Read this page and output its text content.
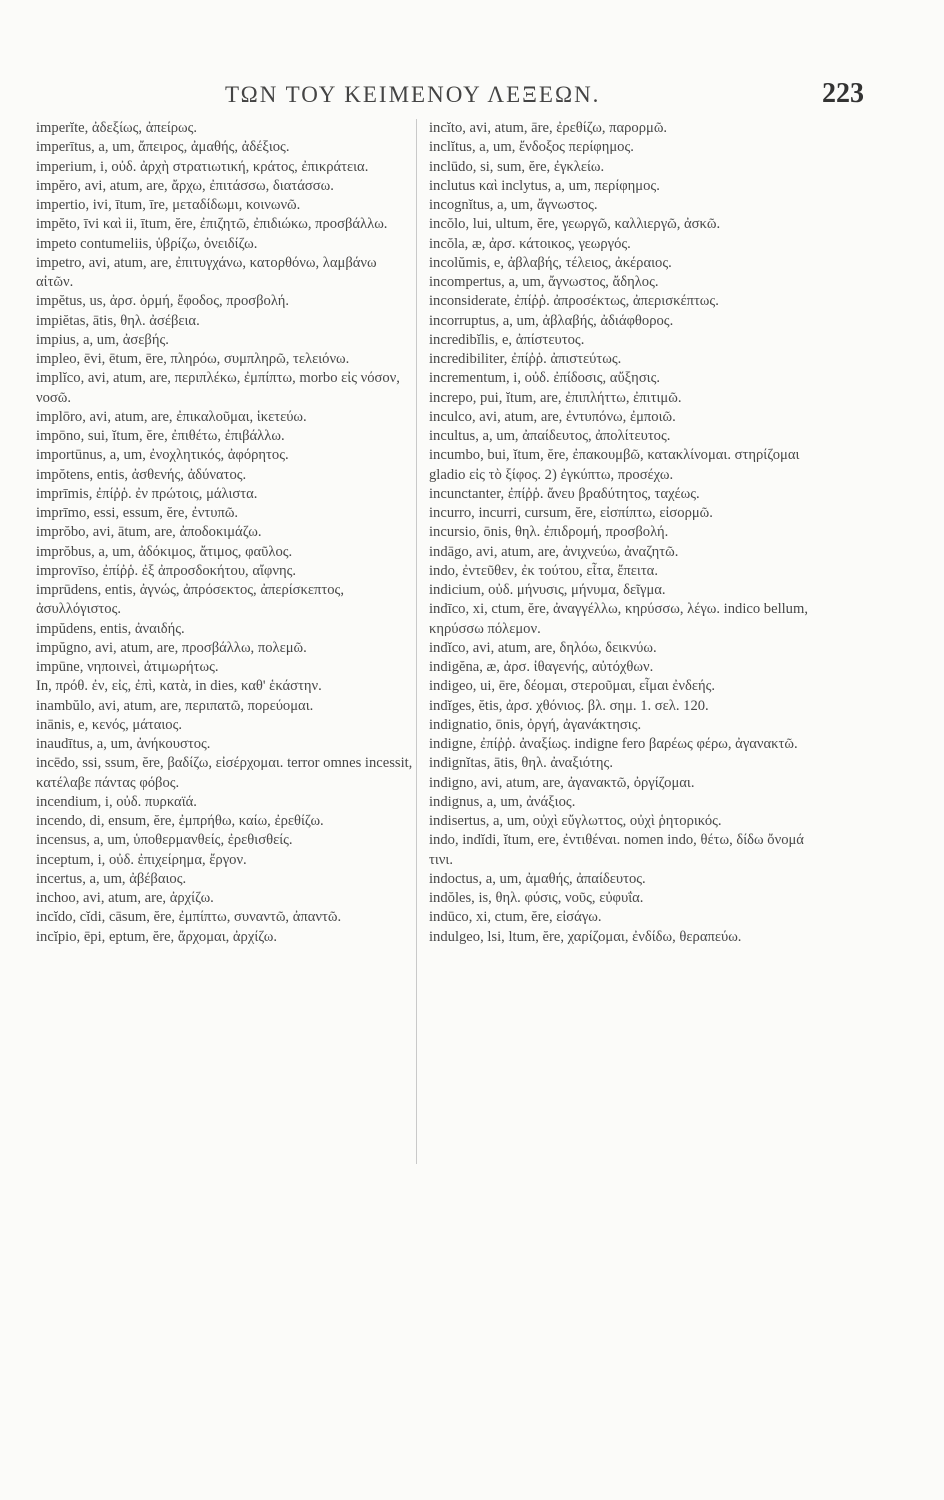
ΤΩΝ ΤΟΥ ΚΕΙΜΕΝΟΥ ΛΕΞΕΩΝ.	223

imperĭte, ἀδεξίως, ἀπείρως.

imperītus, a, um, ἄπειρος, ἀμαθής, ἀδέξιος.

imperium, i, οὐδ. ἀρχὴ στρατιωτική, κράτος, ἐπικράτεια.

impĕro, avi, atum, are, ἄρχω, ἐπιτάσσω, διατάσσω.

impertio, ivi, ītum, īre, μεταδίδωμι, κοινωνῶ.

impĕto, īvi καὶ ii, ītum, ĕre, ἐπιζητῶ, ἐπιδιώκω, προσβάλλω. impeto contumeliis, ὑβρίζω, ὀνειδίζω.

impetro, avi, atum, are, ἐπιτυγχάνω, κατορθόνω, λαμβάνω αἰτῶν.

impĕtus, us, ἀρσ. ὁρμή, ἔφοδος, προσβολή.

impiĕtas, ātis, θηλ. ἀσέβεια.

impius, a, um, ἀσεβής.

impleo, ēvi, ētum, ēre, πληρόω, συμπληρῶ, τελειόνω.

implĭco, avi, atum, are, περιπλέκω, ἐμπίπτω, morbo εἰς νόσον, νοσῶ.

implōro, avi, atum, are, ἐπικαλοῦμαι, ἱκετεύω.

impōno, sui, ĭtum, ĕre, ἐπιθέτω, ἐπιβάλλω.

importūnus, a, um, ἐνοχλητικός, ἀφόρητος.

impŏtens, entis, ἀσθενής, ἀδύνατος.

imprīmis, ἐπίῤῥ. ἐν πρώτοις, μάλιστα.

imprīmo, essi, essum, ĕre, ἐντυπῶ.

imprŏbo, avi, ātum, are, ἀποδοκιμάζω.

imprŏbus, a, um, ἀδόκιμος, ἄτιμος, φαῦλος.

improvīso, ἐπίῤῥ. ἐξ ἀπροσδοκήτου, αἴφνης.

imprūdens, entis, ἀγνώς, ἀπρόσεκτος, ἀπερίσκεπτος, ἀσυλλόγιστος.

impŭdens, entis, ἀναιδής.

impŭgno, avi, atum, are, προσβάλλω, πολεμῶ.

impūne, νηποινεὶ, ἀτιμωρήτως.

In, πρόθ. ἐν, εἰς, ἐπὶ, κατὰ, in dies, καθ' ἑκάστην.

inambŭlo, avi, atum, are, περιπατῶ, πορεύομαι.

inānis, e, κενός, μάταιος.

inaudītus, a, um, ἀνήκουστος.

incēdo, ssi, ssum, ĕre, βαδίζω, εἰσέρχομαι. terror omnes incessit, κατέλαβε πάντας φόβος.

incendium, i, οὐδ. πυρκαϊά.

incendo, di, ensum, ĕre, ἐμπρήθω, καίω, ἐρεθίζω.

incensus, a, um, ὑποθερμανθείς, ἐρεθισθείς.

inceptum, i, οὐδ. ἐπιχείρημα, ἔργον.

incertus, a, um, ἀβέβαιος.

inchoo, avi, atum, are, ἀρχίζω.

incĭdo, cĭdi, cāsum, ĕre, ἐμπίπτω, συναντῶ, ἀπαντῶ.

incĭpio, ēpi, eptum, ĕre, ἄρχομαι, ἀρχίζω.

incĭto, avi, atum, āre, ἐρεθίζω, παρορμῶ.

inclĭtus, a, um, ἔνδοξος περίφημος.

inclūdo, si, sum, ĕre, ἐγκλείω.

inclutus καὶ inclytus, a, um, περίφημος.

incognĭtus, a, um, ἄγνωστος.

incŏlo, lui, ultum, ĕre, γεωργῶ, καλλιεργῶ, ἀσκῶ.

incŏla, æ, ἀρσ. κάτοικος, γεωργός.

incolŭmis, e, ἀβλαβής, τέλειος, ἀκέραιος.

incompertus, a, um, ἄγνωστος, ἄδηλος.

inconsiderate, ἐπίῤῥ. ἀπροσέκτως, ἀπερισκέπτως.

incorruptus, a, um, ἀβλαβής, ἀδιάφθορος.

incredibĭlis, e, ἀπίστευτος.

incredibiliter, ἐπίῤῥ. ἀπιστεύτως.

incrementum, i, οὐδ. ἐπίδοσις, αὔξησις.

increpo, pui, ĭtum, are, ἐπιπλήττω, ἐπιτιμῶ.

inculco, avi, atum, are, ἐντυπόνω, ἐμποιῶ.

incultus, a, um, ἀπαίδευτος, ἀπολίτευτος.

incumbo, bui, ĭtum, ĕre, ἐπακουμβῶ, κατακλίνομαι. στηρίζομαι gladio εἰς τὸ ξίφος. 2) ἐγκύπτω, προσέχω.

incunctanter, ἐπίῤῥ. ἄνευ βραδύτητος, ταχέως.

incurro, incurri, cursum, ĕre, εἰσπίπτω, εἰσορμῶ.

incursio, ōnis, θηλ. ἐπιδρομή, προσβολή.

indāgo, avi, atum, are, ἀνιχνεύω, ἀναζητῶ.

indo, ἐντεῦθεν, ἐκ τούτου, εἶτα, ἔπειτα.

indicium, οὐδ. μήνυσις, μήνυμα, δεῖγμα.

indīco, xi, ctum, ĕre, ἀναγγέλλω, κηρύσσω, λέγω. indico bellum, κηρύσσω πόλεμον.

indĭco, avi, atum, are, δηλόω, δεικνύω.

indigĕna, æ, ἀρσ. ἰθαγενής, αὐτόχθων.

indigeo, ui, ēre, δέομαι, στεροῦμαι, εἶμαι ἐνδεής.

indĭges, ĕtis, ἀρσ. χθόνιος. βλ. σημ. 1. σελ. 120.

indignatio, ōnis, ὀργή, ἀγανάκτησις.

indigne, ἐπίῤῥ. ἀναξίως. indigne fero βαρέως φέρω, ἀγανακτῶ.

indignĭtas, ātis, θηλ. ἀναξιότης.

indigno, avi, atum, are, ἀγανακτῶ, ὀργίζομαι.

indignus, a, um, ἀνάξιος.

indisertus, a, um, οὐχὶ εὔγλωττος, οὐχὶ ῥητορικός.

indo, indĭdi, ĭtum, ere, ἐντιθέναι. nomen indo, θέτω, δίδω ὄνομά τινι.

indoctus, a, um, ἀμαθής, ἀπαίδευτος.

indŏles, is, θηλ. φύσις, νοῦς, εὐφυΐα.

indūco, xi, ctum, ĕre, εἰσάγω.

indulgeo, lsi, ltum, ĕre, χαρίζομαι, ἐνδίδω, θεραπεύω.
